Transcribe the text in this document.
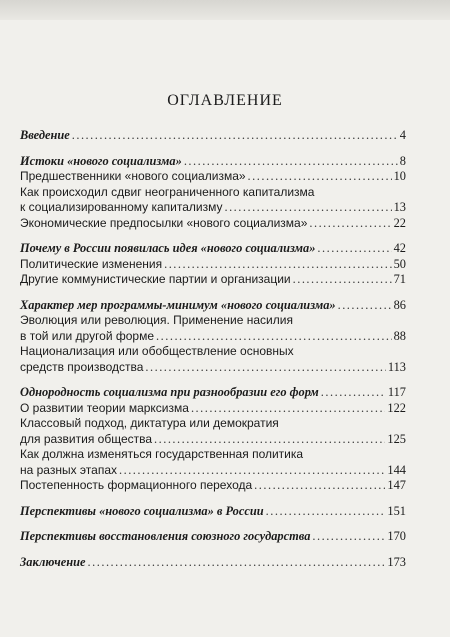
ОГЛАВЛЕНИЕ
Введение .....	4
Истоки «нового социализма» .....	8
Предшественники «нового социализма» .....	10
Как происходил сдвиг неограниченного капитализма
к социализированному капитализму .....	13
Экономические предпосылки «нового социализма» .....	22
Почему в России появилась идея «нового социализма» .....	42
Политические изменения .....	50
Другие коммунистические партии и организации .....	71
Характер мер программы-минимум «нового социализма» .....	86
Эволюция или революция. Применение насилия
в той или другой форме .....	88
Национализация или обобществление основных
средств производства .....	113
Однородность социализма при разнообразии его форм .....	117
О развитии теории марксизма .....	122
Классовый подход, диктатура или демократия
для развития общества .....	125
Как должна изменяться государственная политика
на разных этапах .....	144
Постепенность формационного перехода .....	147
Перспективы «нового социализма» в России .....	151
Перспективы восстановления союзного государства .....	170
Заключение .....	173
